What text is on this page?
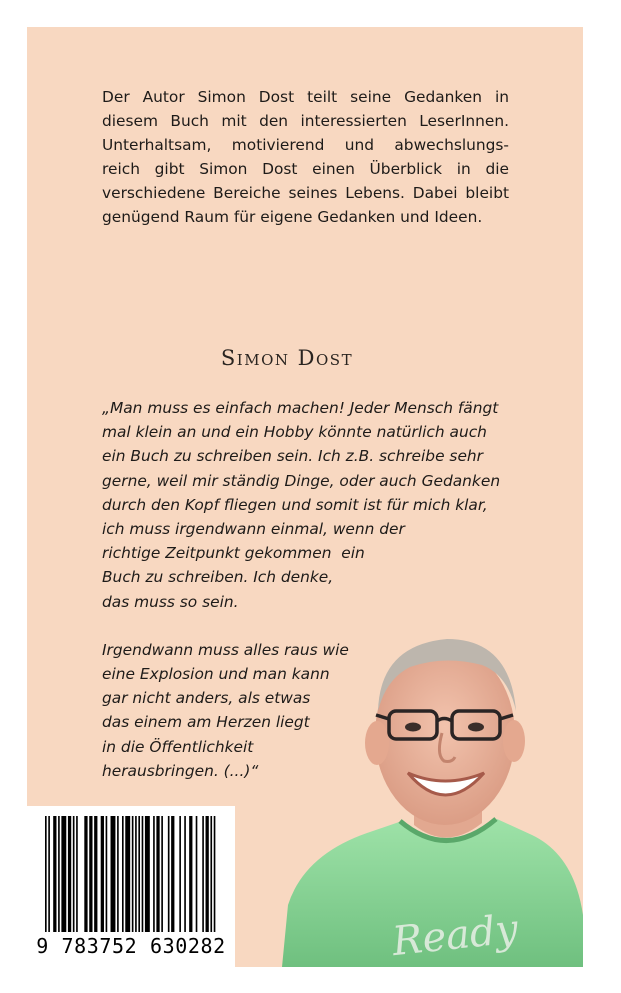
Der Autor Simon Dost teilt seine Gedanken in
diesem Buch mit den interessierten LeserInnen.
Unterhaltsam, motivierend und abwechslungs-
reich gibt Simon Dost einen Überblick in die
verschiedene Bereiche seines Lebens. Dabei bleibt
genügend Raum für eigene Gedanken und Ideen.
Simon Dost
„Man muss es einfach machen! Jeder Mensch fängt
mal klein an und ein Hobby könnte natürlich auch
ein Buch zu schreiben sein. Ich z.B. schreibe sehr
gerne, weil mir ständig Dinge, oder auch Gedanken
durch den Kopf fliegen und somit ist für mich klar,
ich muss irgendwann einmal, wenn der
richtige Zeitpunkt gekommen  ein
Buch zu schreiben. Ich denke,
das muss so sein.
Irgendwann muss alles raus wie
eine Explosion und man kann
gar nicht anders, als etwas
das einem am Herzen liegt
in die Öffentlichkeit
herausbringen. (...)“
Ready
9 783752 630282
